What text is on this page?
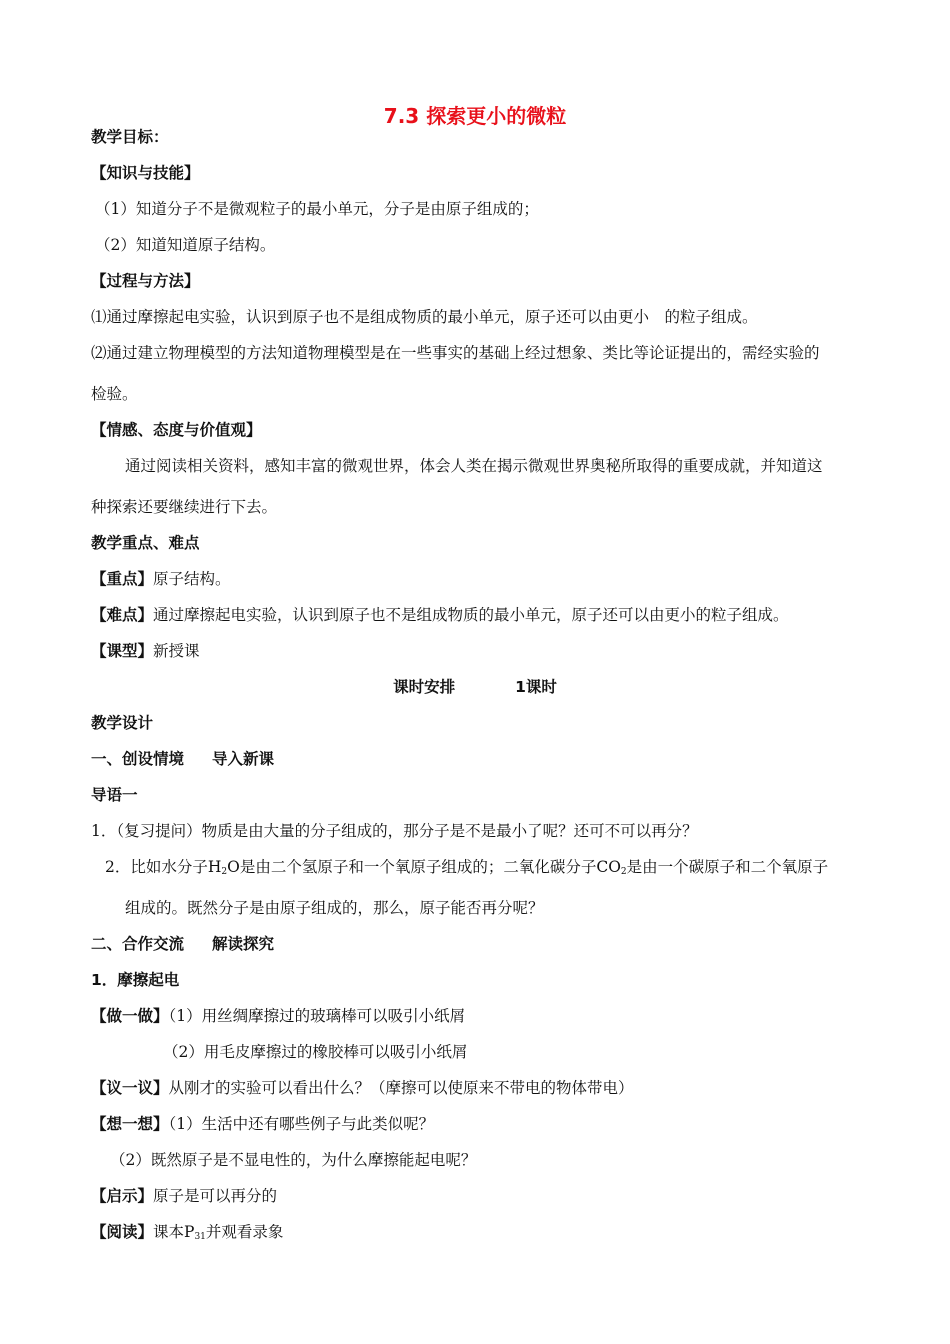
7.3 探索更小的微粒
教学目标：
【知识与技能】
（1）知道分子不是微观粒子的最小单元，分子是由原子组成的；
（2）知道知道原子结构。
【过程与方法】
⑴通过摩擦起电实验，认识到原子也不是组成物质的最小单元，原子还可以由更小　的粒子组成。
⑵通过建立物理模型的方法知道物理模型是在一些事实的基础上经过想象、类比等论证提出的，需经实验的
检验。
【情感、态度与价值观】
通过阅读相关资料，感知丰富的微观世界，体会人类在揭示微观世界奥秘所取得的重要成就，并知道这
种探索还要继续进行下去。
教学重点、难点
【重点】原子结构。
【难点】通过摩擦起电实验，认识到原子也不是组成物质的最小单元，原子还可以由更小的粒子组成。
【课型】新授课
课时安排	1课时
教学设计
一、创设情境 导入新课
导语一
1．（复习提问）物质是由大量的分子组成的，那分子是不是最小了呢？还可不可以再分？
2．比如水分子$H_2O$是由二个氢原子和一个氧原子组成的；二氧化碳分子$CO_2$是由一个碳原子和二个氧原子
组成的。既然分子是由原子组成的，那么，原子能否再分呢？
二、合作交流 解读探究
1．摩擦起电
【做一做】（1）用丝绸摩擦过的玻璃棒可以吸引小纸屑
（2）用毛皮摩擦过的橡胶棒可以吸引小纸屑
【议一议】从刚才的实验可以看出什么？（摩擦可以使原来不带电的物体带电）
【想一想】（1）生活中还有哪些例子与此类似呢？
（2）既然原子是不显电性的，为什么摩擦能起电呢？
【启示】原子是可以再分的
【阅读】课本$P_{31}$并观看录象
